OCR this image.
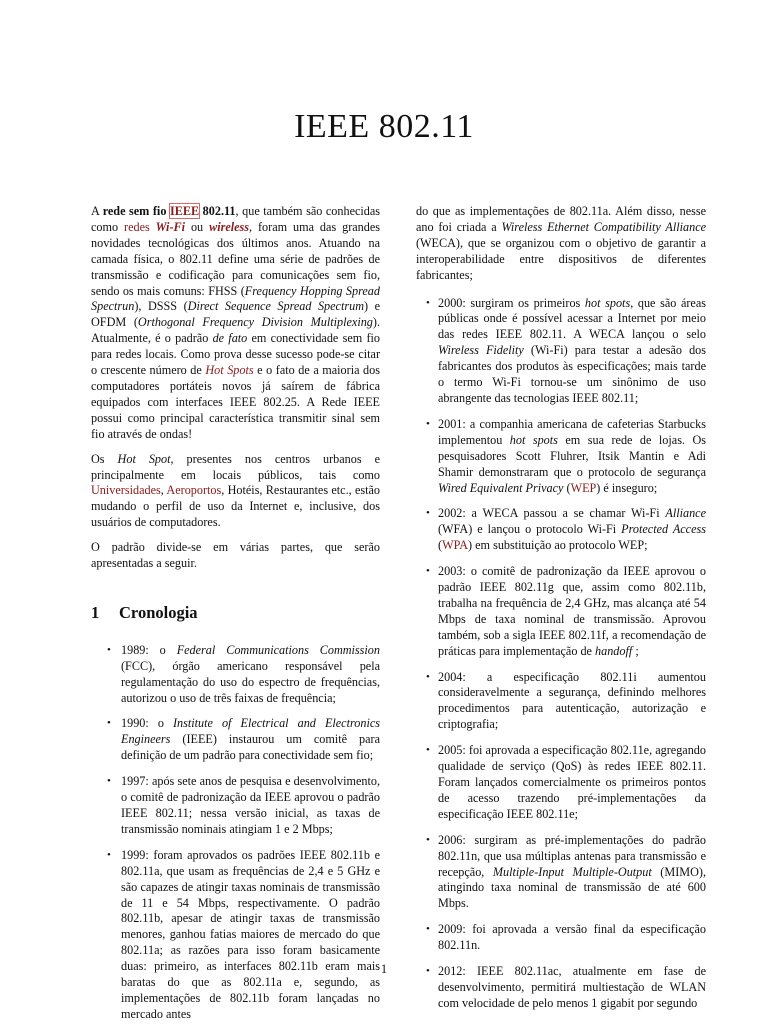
IEEE 802.11

A rede sem fio IEEE 802.11, que também são conhecidas como redes Wi-Fi ou wireless, foram uma das grandes novidades tecnológicas dos últimos anos. Atuando na camada física, o 802.11 define uma série de padrões de transmissão e codificação para comunicações sem fio, sendo os mais comuns: FHSS (Frequency Hopping Spread Spectrun), DSSS (Direct Sequence Spread Spectrum) e OFDM (Orthogonal Frequency Division Multiplexing). Atualmente, é o padrão de fato em conectividade sem fio para redes locais. Como prova desse sucesso pode-se citar o crescente número de Hot Spots e o fato de a maioria dos computadores portáteis novos já saírem de fábrica equipados com interfaces IEEE 802.25. A Rede IEEE possui como principal característica transmitir sinal sem fio através de ondas!

Os Hot Spot, presentes nos centros urbanos e principalmente em locais públicos, tais como Universidades, Aeroportos, Hotéis, Restaurantes etc., estão mudando o perfil de uso da Internet e, inclusive, dos usuários de computadores.

O padrão divide-se em várias partes, que serão apresentadas a seguir.

1 Cronologia
• 1989: o Federal Communications Commission (FCC), órgão americano responsável pela regulamentação do uso do espectro de frequências, autorizou o uso de três faixas de frequência;
• 1990: o Institute of Electrical and Electronics Engineers (IEEE) instaurou um comitê para definição de um padrão para conectividade sem fio;
• 1997: após sete anos de pesquisa e desenvolvimento, o comitê de padronização da IEEE aprovou o padrão IEEE 802.11; nessa versão inicial, as taxas de transmissão nominais atingiam 1 e 2 Mbps;
• 1999: foram aprovados os padrões IEEE 802.11b e 802.11a, que usam as frequências de 2,4 e 5 GHz e são capazes de atingir taxas nominais de transmissão de 11 e 54 Mbps, respectivamente. O padrão 802.11b, apesar de atingir taxas de transmissão menores, ganhou fatias maiores de mercado do que 802.11a; as razões para isso foram basicamente duas: primeiro, as interfaces 802.11b eram mais baratas do que as 802.11a e, segundo, as implementações de 802.11b foram lançadas no mercado antes
do que as implementações de 802.11a. Além disso, nesse ano foi criada a Wireless Ethernet Compatibility Alliance (WECA), que se organizou com o objetivo de garantir a interoperabilidade entre dispositivos de diferentes fabricantes;
• 2000: surgiram os primeiros hot spots, que são áreas públicas onde é possível acessar a Internet por meio das redes IEEE 802.11. A WECA lançou o selo Wireless Fidelity (Wi-Fi) para testar a adesão dos fabricantes dos produtos às especificações; mais tarde o termo Wi-Fi tornou-se um sinônimo de uso abrangente das tecnologias IEEE 802.11;
• 2001: a companhia americana de cafeterias Starbucks implementou hot spots em sua rede de lojas. Os pesquisadores Scott Fluhrer, Itsik Mantin e Adi Shamir demonstraram que o protocolo de segurança Wired Equivalent Privacy (WEP) é inseguro;
• 2002: a WECA passou a se chamar Wi-Fi Alliance (WFA) e lançou o protocolo Wi-Fi Protected Access (WPA) em substituição ao protocolo WEP;
• 2003: o comitê de padronização da IEEE aprovou o padrão IEEE 802.11g que, assim como 802.11b, trabalha na frequência de 2,4 GHz, mas alcança até 54 Mbps de taxa nominal de transmissão. Aprovou também, sob a sigla IEEE 802.11f, a recomendação de práticas para implementação de handoff ;
• 2004: a especificação 802.11i aumentou consideravelmente a segurança, definindo melhores procedimentos para autenticação, autorização e criptografia;
• 2005: foi aprovada a especificação 802.11e, agregando qualidade de serviço (QoS) às redes IEEE 802.11. Foram lançados comercialmente os primeiros pontos de acesso trazendo pré-implementações da especificação IEEE 802.11e;
• 2006: surgiram as pré-implementações do padrão 802.11n, que usa múltiplas antenas para transmissão e recepção, Multiple-Input Multiple-Output (MIMO), atingindo taxa nominal de transmissão de até 600 Mbps.
• 2009: foi aprovada a versão final da especificação 802.11n.
• 2012: IEEE 802.11ac, atualmente em fase de desenvolvimento, permitirá multiestação de WLAN com velocidade de pelo menos 1 gigabit por segundo
1
